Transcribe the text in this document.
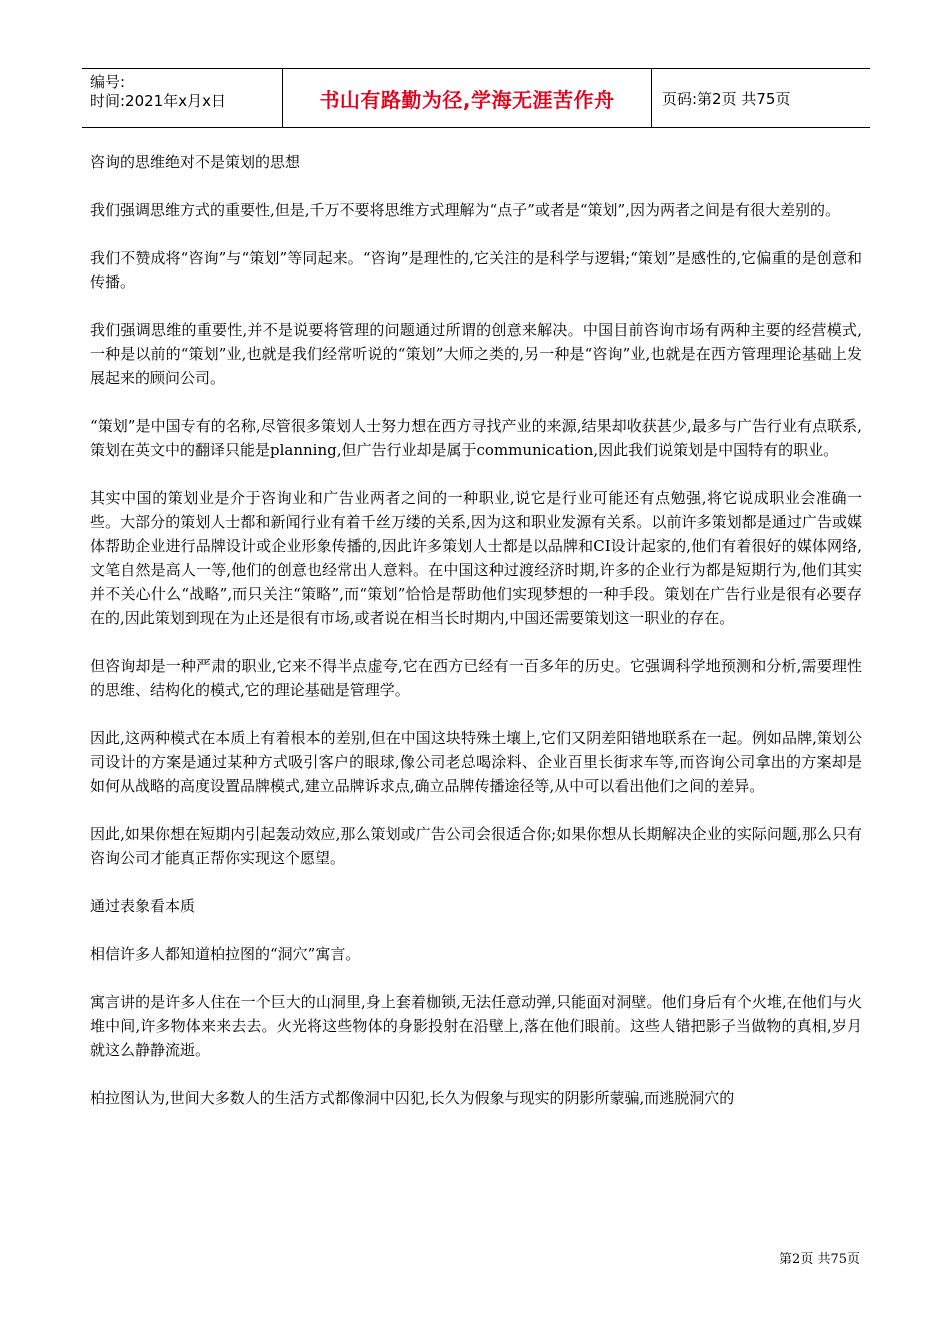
编号:
时间:2021年x月x日	书山有路勤为径,学海无涯苦作舟	页码:第2页 共75页

咨询的思维绝对不是策划的思想

我们强调思维方式的重要性,但是,千万不要将思维方式理解为“点子”或者是“策划”,因为两者之间是有很大差别的。

我们不赞成将“咨询”与“策划”等同起来。“咨询”是理性的,它关注的是科学与逻辑;“策划”是感性的,它偏重的是创意和传播。

我们强调思维的重要性,并不是说要将管理的问题通过所谓的创意来解决。中国目前咨询市场有两种主要的经营模式,一种是以前的“策划”业,也就是我们经常听说的“策划”大师之类的,另一种是“咨询”业,也就是在西方管理理论基础上发展起来的顾问公司。

“策划”是中国专有的名称,尽管很多策划人士努力想在西方寻找产业的来源,结果却收获甚少,最多与广告行业有点联系,策划在英文中的翻译只能是planning,但广告行业却是属于communication,因此我们说策划是中国特有的职业。

其实中国的策划业是介于咨询业和广告业两者之间的一种职业,说它是行业可能还有点勉强,将它说成职业会准确一些。大部分的策划人士都和新闻行业有着千丝万缕的关系,因为这和职业发源有关系。以前许多策划都是通过广告或媒体帮助企业进行品牌设计或企业形象传播的,因此许多策划人士都是以品牌和CI设计起家的,他们有着很好的媒体网络,文笔自然是高人一等,他们的创意也经常出人意料。在中国这种过渡经济时期,许多的企业行为都是短期行为,他们其实并不关心什么“战略”,而只关注“策略”,而“策划”恰恰是帮助他们实现梦想的一种手段。策划在广告行业是很有必要存在的,因此策划到现在为止还是很有市场,或者说在相当长时期内,中国还需要策划这一职业的存在。

但咨询却是一种严肃的职业,它来不得半点虚夸,它在西方已经有一百多年的历史。它强调科学地预测和分析,需要理性的思维、结构化的模式,它的理论基础是管理学。

因此,这两种模式在本质上有着根本的差别,但在中国这块特殊土壤上,它们又阴差阳错地联系在一起。例如品牌,策划公司设计的方案是通过某种方式吸引客户的眼球,像公司老总喝涂料、企业百里长街求车等,而咨询公司拿出的方案却是如何从战略的高度设置品牌模式,建立品牌诉求点,确立品牌传播途径等,从中可以看出他们之间的差异。

因此,如果你想在短期内引起轰动效应,那么策划或广告公司会很适合你;如果你想从长期解决企业的实际问题,那么只有咨询公司才能真正帮你实现这个愿望。

通过表象看本质

相信许多人都知道柏拉图的“洞穴”寓言。

寓言讲的是许多人住在一个巨大的山洞里,身上套着枷锁,无法任意动弹,只能面对洞壁。他们身后有个火堆,在他们与火堆中间,许多物体来来去去。火光将这些物体的身影投射在沿壁上,落在他们眼前。这些人错把影子当做物的真相,岁月就这么静静流逝。

柏拉图认为,世间大多数人的生活方式都像洞中囚犯,长久为假象与现实的阴影所蒙骗,而逃脱洞穴的

第2页 共75页
